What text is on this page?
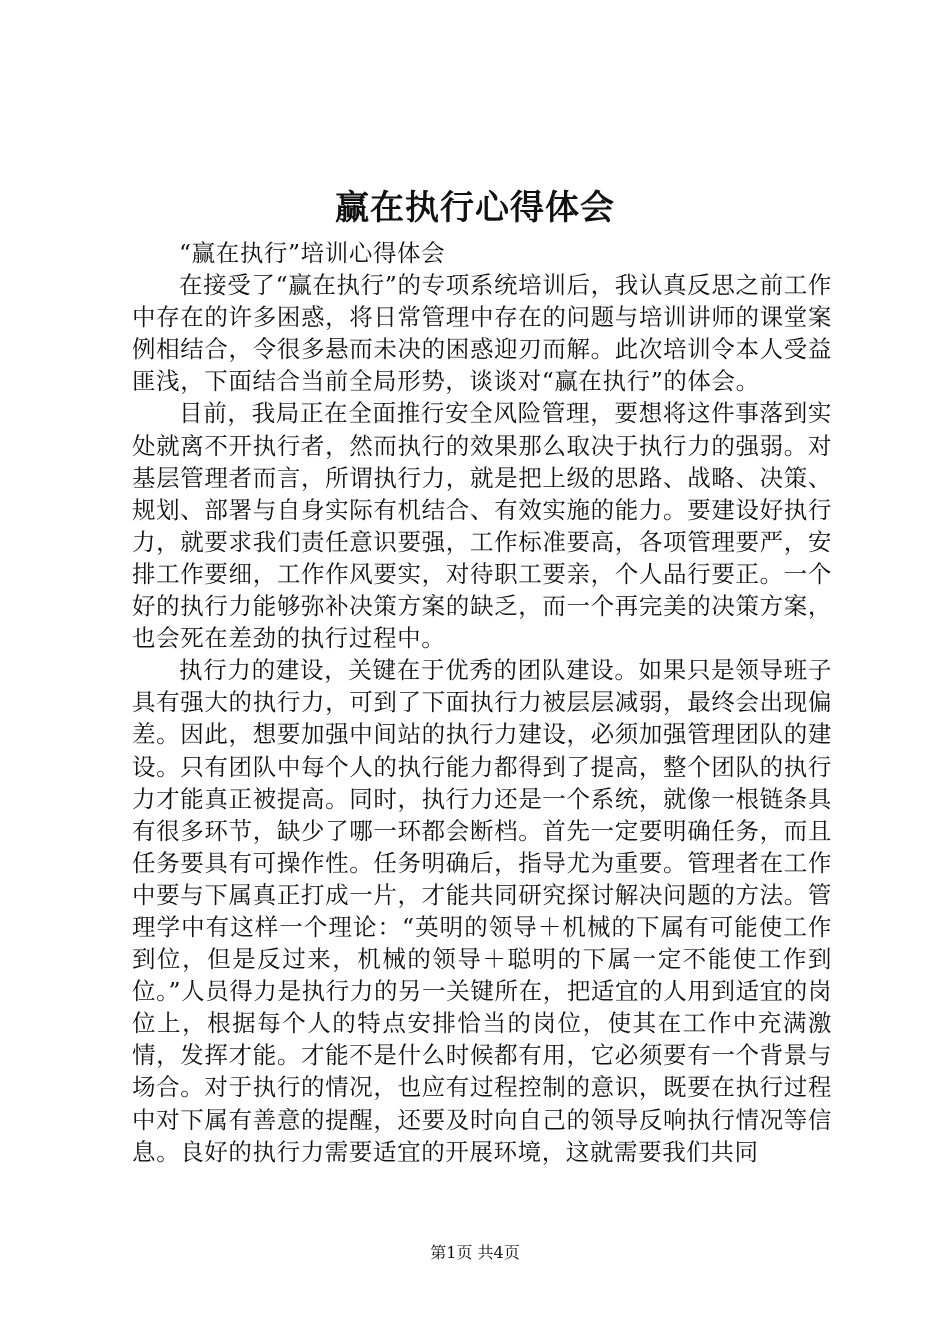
赢在执行心得体会

“赢在执行”培训心得体会

在接受了“赢在执行”的专项系统培训后，我认真反思之前工作中存在的许多困惑，将日常管理中存在的问题与培训讲师的课堂案例相结合，令很多悬而未决的困惑迎刃而解。此次培训令本人受益匪浅，下面结合当前全局形势，谈谈对“赢在执行”的体会。

目前，我局正在全面推行安全风险管理，要想将这件事落到实处就离不开执行者，然而执行的效果那么取决于执行力的强弱。对基层管理者而言，所谓执行力，就是把上级的思路、战略、决策、规划、部署与自身实际有机结合、有效实施的能力。要建设好执行力，就要求我们责任意识要强，工作标准要高，各项管理要严，安排工作要细，工作作风要实，对待职工要亲，个人品行要正。一个好的执行力能够弥补决策方案的缺乏，而一个再完美的决策方案，也会死在差劲的执行过程中。

执行力的建设，关键在于优秀的团队建设。如果只是领导班子具有强大的执行力，可到了下面执行力被层层减弱，最终会出现偏差。因此，想要加强中间站的执行力建设，必须加强管理团队的建设。只有团队中每个人的执行能力都得到了提高，整个团队的执行力才能真正被提高。同时，执行力还是一个系统，就像一根链条具有很多环节，缺少了哪一环都会断档。首先一定要明确任务，而且任务要具有可操作性。任务明确后，指导尤为重要。管理者在工作中要与下属真正打成一片，才能共同研究探讨解决问题的方法。管理学中有这样一个理论：“英明的领导＋机械的下属有可能使工作到位，但是反过来，机械的领导＋聪明的下属一定不能使工作到位。”人员得力是执行力的另一关键所在，把适宜的人用到适宜的岗位上，根据每个人的特点安排恰当的岗位，使其在工作中充满激情，发挥才能。才能不是什么时候都有用，它必须要有一个背景与场合。对于执行的情况，也应有过程控制的意识，既要在执行过程中对下属有善意的提醒，还要及时向自己的领导反响执行情况等信息。良好的执行力需要适宜的开展环境，这就需要我们共同

第1页 共4页
